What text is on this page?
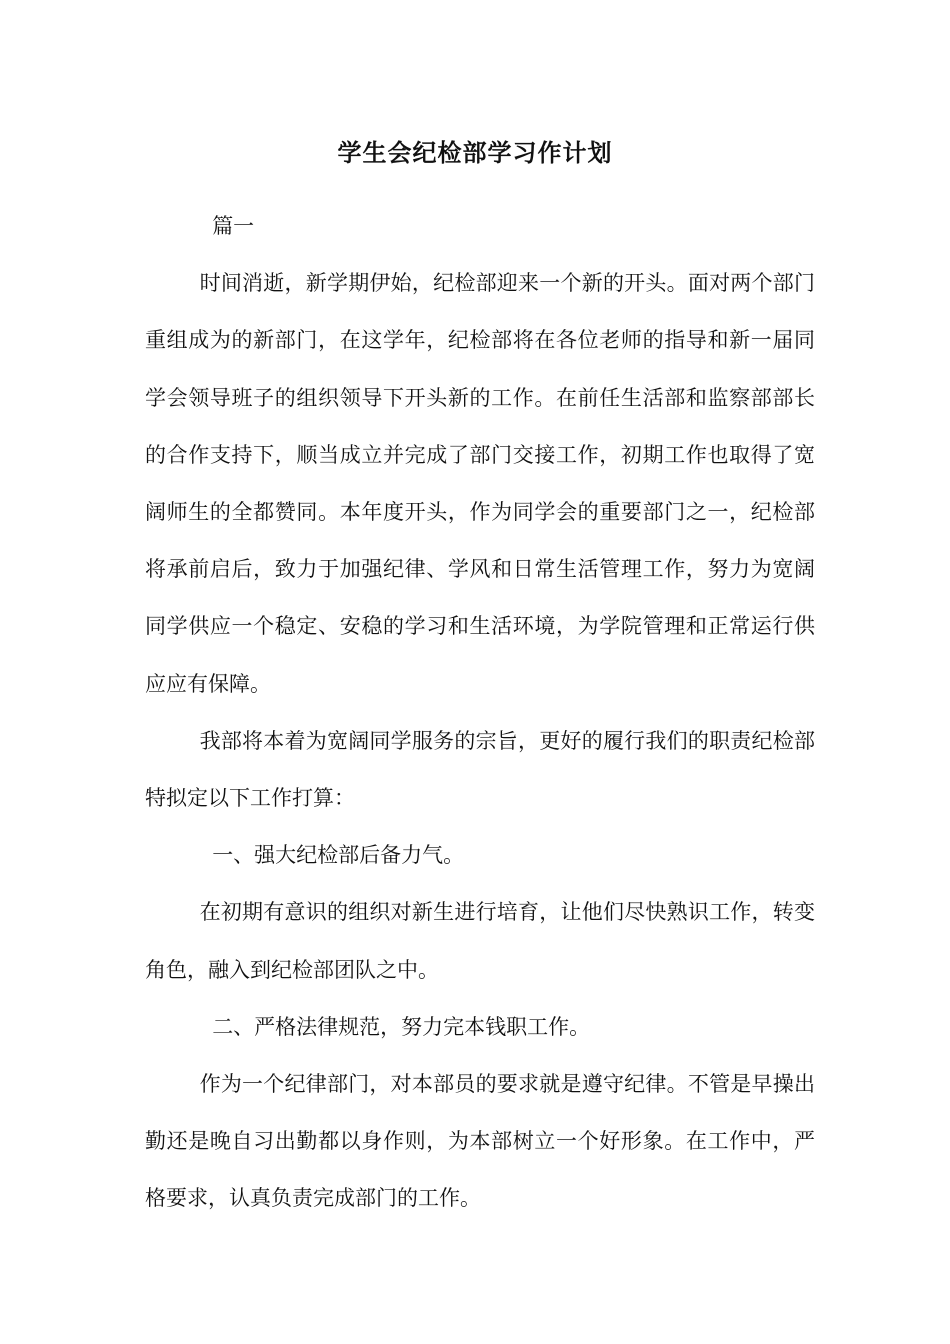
学生会纪检部学习作计划

篇一

时间消逝，新学期伊始，纪检部迎来一个新的开头。面对两个部门重组成为的新部门，在这学年，纪检部将在各位老师的指导和新一届同学会领导班子的组织领导下开头新的工作。在前任生活部和监察部部长的合作支持下，顺当成立并完成了部门交接工作，初期工作也取得了宽阔师生的全都赞同。本年度开头，作为同学会的重要部门之一，纪检部将承前启后，致力于加强纪律、学风和日常生活管理工作，努力为宽阔同学供应一个稳定、安稳的学习和生活环境，为学院管理和正常运行供应应有保障。

我部将本着为宽阔同学服务的宗旨，更好的履行我们的职责纪检部特拟定以下工作打算：

一、强大纪检部后备力气。

在初期有意识的组织对新生进行培育，让他们尽快熟识工作，转变角色，融入到纪检部团队之中。

二、严格法律规范，努力完本钱职工作。

作为一个纪律部门，对本部员的要求就是遵守纪律。不管是早操出勤还是晚自习出勤都以身作则，为本部树立一个好形象。在工作中，严格要求，认真负责完成部门的工作。
